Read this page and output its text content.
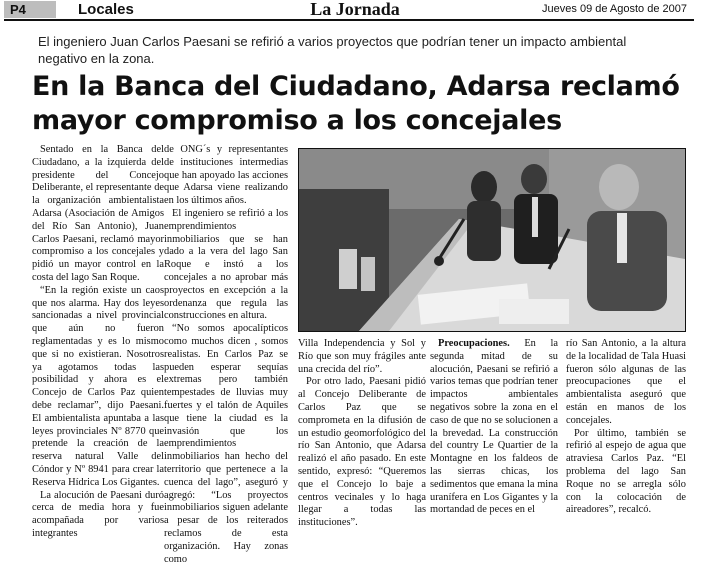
P4	Locales	La Jornada	Jueves 09 de Agosto de 2007

El ingeniero Juan Carlos Paesani se refirió a varios proyectos que podrían tener un impacto ambiental negativo en la zona.

En la Banca del Ciudadano, Adarsa reclamó mayor compromiso a los concejales

Sentado en la Banca del Ciudadano, a la izquierda del presidente del Concejo Deliberante, el representante de la organización ambientalista Adarsa (Asociación de Amigos del Río San Antonio), Juan Carlos Paesani, reclamó mayor compromiso a los concejales y pidió un mayor control en la costa del lago San Roque.

“En la región existe un caos que nos alarma. Hay dos leyes sancionadas a nivel provincial que aún no fueron reglamentadas y es lo mismo que si no existieran. Nosotros ya agotamos todas las posibilidad y ahora es el Concejo de Carlos Paz quien debe reclamar”, dijo Paesani. El ambientalista apuntaba a las leyes provinciales Nº 8770 que pretende la creación de la reserva natural Valle del Cóndor y Nº 8941 para crear la Reserva Hídrica Los Gigantes.

La alocución de Paesani duró cerca de media hora y fue acompañada por varios integrantes

de ONG´s y representantes de instituciones intermedias que han apoyado las acciones que Adarsa viene realizando en los últimos años.

El ingeniero se refirió a los emprendimientos inmobiliarios que se han dado a la vera del lago San Roque e instó a los concejales a no aprobar más proyectos en excepción a la ordenanza que regula las construcciones en altura.

“No somos apocalípticos como muchos dicen , somos realistas. En Carlos Paz se pueden esperar sequías extremas pero también tempestades de lluvias muy fuertes y el talón de Aquiles que tiene la ciudad es la invasión que los emprendimientos inmobiliarios han hecho del territorio que pertenece a la cuenca del lago”, aseguró y agregó: “Los proyectos inmobiliarios siguen adelante a pesar de los reiterados reclamos de esta organización. Hay zonas como

Villa Independencia y Sol y Río que son muy frágiles ante una crecida del río”.

Por otro lado, Paesani pidió al Concejo Deliberante de Carlos Paz que se comprometa en la difusión de un estudio geomorfológico del río San Antonio, que Adarsa realizó el año pasado. En este sentido, expresó: “Queremos que el Concejo lo baje a centros vecinales y lo haga llegar a todas las instituciones”.

Preocupaciones. En la segunda mitad de su alocución, Paesani se refirió a varios temas que podrían tener impactos ambientales negativos sobre la zona en el caso de que no se solucionen a la brevedad. La construcción del country Le Quartier de la Montagne en los faldeos de las sierras chicas, los sedimentos que emana la mina uranífera en Los Gigantes y la mortandad de peces en el

río San Antonio, a la altura de la localidad de Tala Huasi fueron sólo algunas de las preocupaciones que el ambientalista aseguró que están en manos de los concejales.

Por último, también se refirió al espejo de agua que atraviesa Carlos Paz. “El problema del lago San Roque no se arregla sólo con la colocación de aireadores”, recalcó.
